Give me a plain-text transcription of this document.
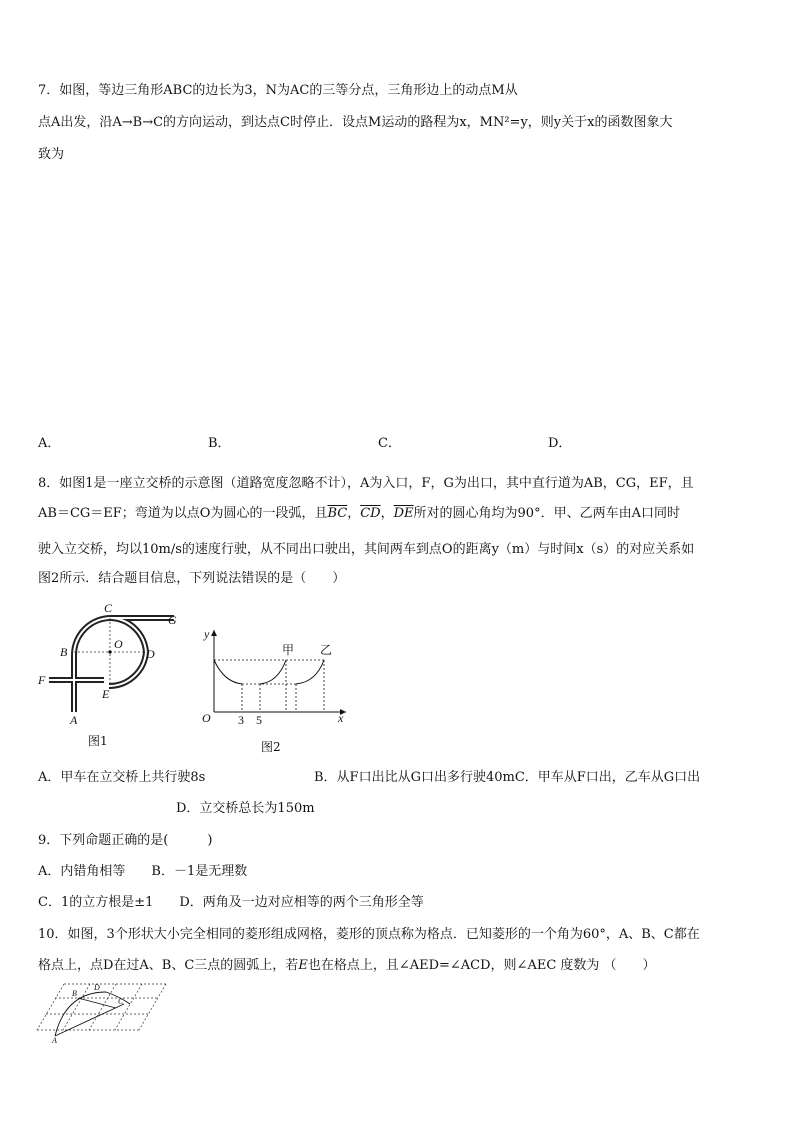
7．如图，等边三角形ABC的边长为3，N为AC的三等分点，三角形边上的动点M从
点A出发，沿A→B→C的方向运动，到达点C时停止．设点M运动的路程为x，MN²=y，则y关于x的函数图象大
致为
A．	B．	C．	D．
8．如图1是一座立交桥的示意图（道路宽度忽略不计），A为入口，F，G为出口，其中直行道为AB，CG，EF，且
AB＝CG＝EF；弯道为以点O为圆心的一段弧，且$\overline{BC}$，$\overline{CD}$，$\overline{DE}$所对的圆心角均为90°．甲、乙两车由A口同时
驶入立交桥，均以10m/s的速度行驶，从不同出口驶出，其间两车到点O的距离y（m）与时间x（s）的对应关系如
图2所示．结合题目信息，下列说法错误的是（　　）
C
G
O
B	D
F
E
A
图1
y
x
O 3 5
甲 乙
图2
A．甲车在立交桥上共行驶8s	B．从F口出比从G口出多行驶40mC．甲车从F口出，乙车从G口出
D．立交桥总长为150m
9．下列命题正确的是(　　　)
A．内错角相等　　B．－1是无理数
C．1的立方根是±1　　D．两角及一边对应相等的两个三角形全等
10．如图，3个形状大小完全相同的菱形组成网格，菱形的顶点称为格点．已知菱形的一个角为60°，A、B、C都在
格点上，点D在过A、B、C三点的圆弧上，若E也在格点上，且∠AED=∠ACD，则∠AEC 度数为 （　　）
A
B
C
D
